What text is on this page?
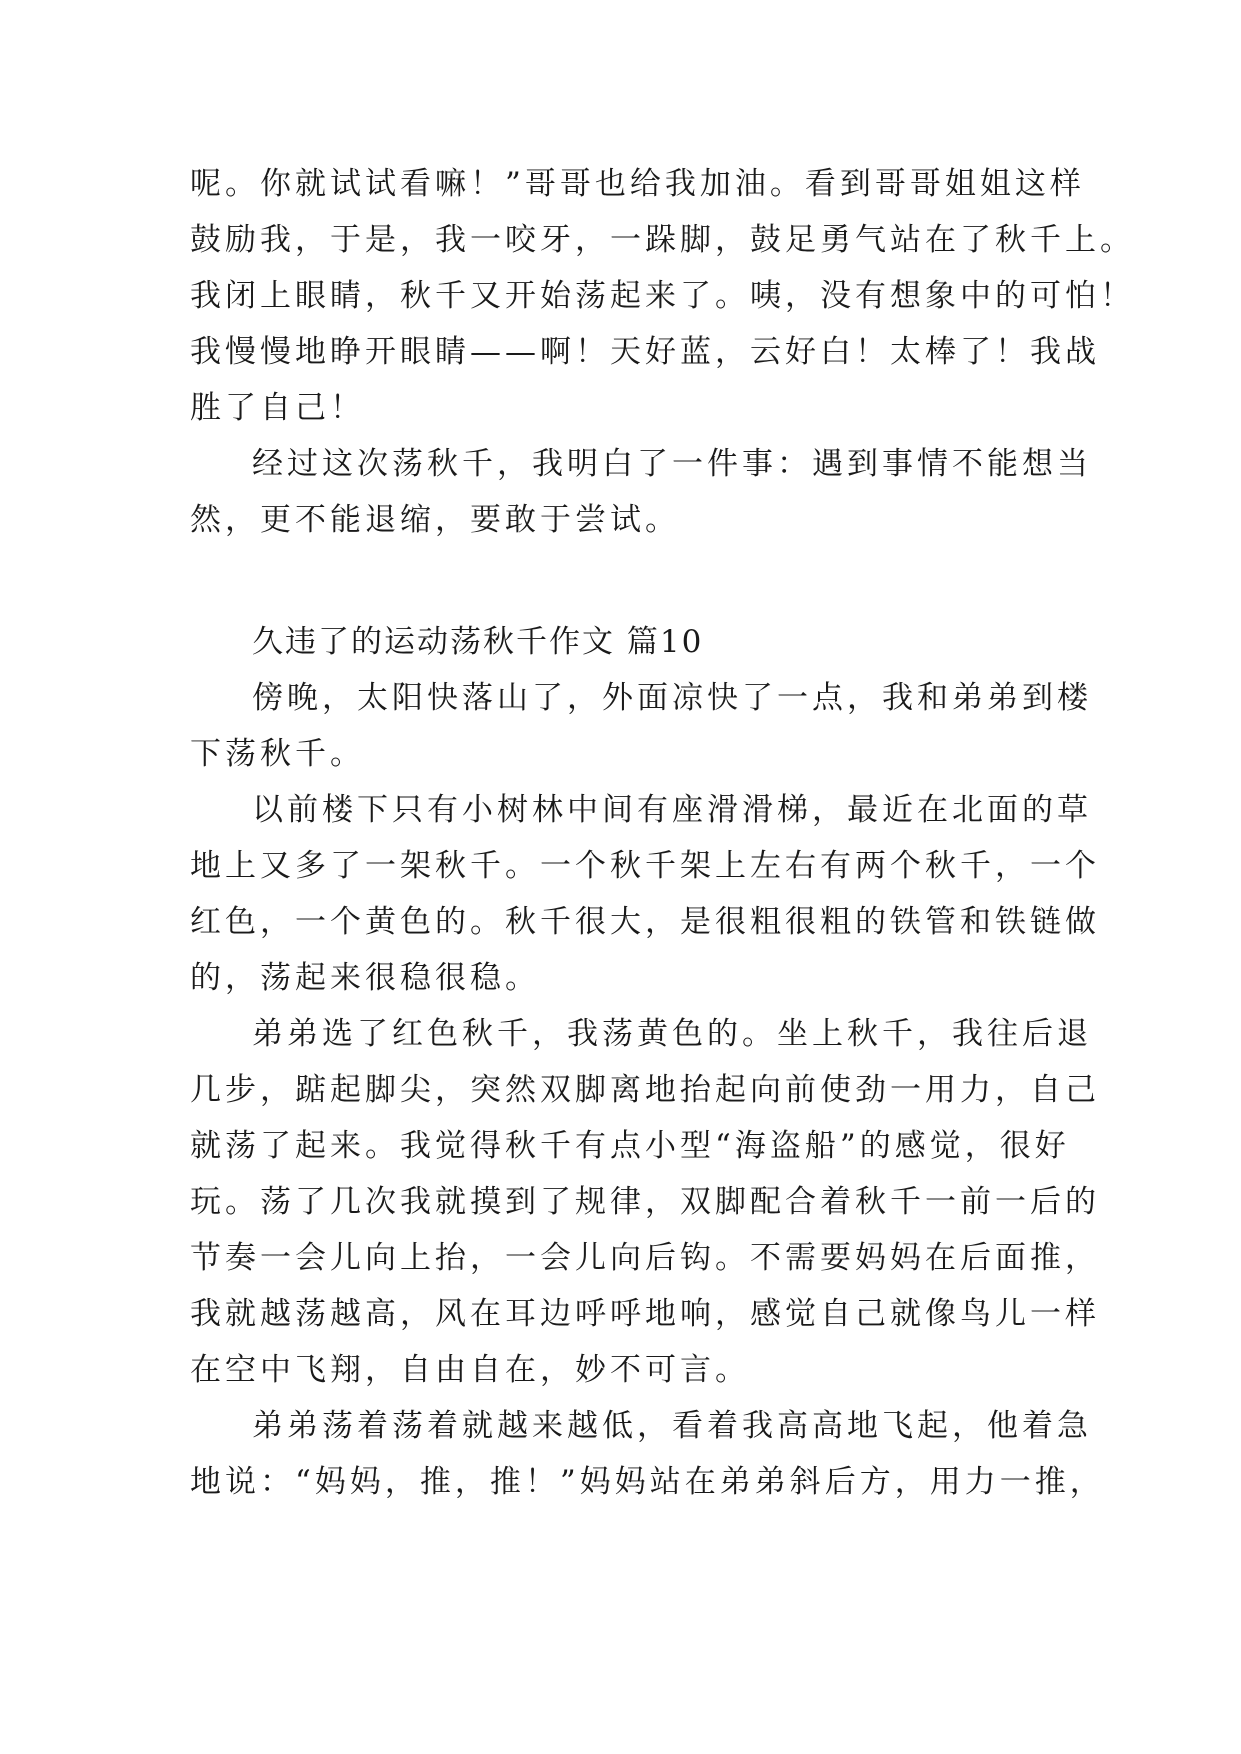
呢。你就试试看嘛！”哥哥也给我加油。看到哥哥姐姐这样
鼓励我，于是，我一咬牙，一跺脚，鼓足勇气站在了秋千上。
我闭上眼睛，秋千又开始荡起来了。咦，没有想象中的可怕！
我慢慢地睁开眼睛——啊！天好蓝，云好白！太棒了！我战
胜了自己！
经过这次荡秋千，我明白了一件事：遇到事情不能想当
然，更不能退缩，要敢于尝试。
久违了的运动荡秋千作文 篇10
傍晚，太阳快落山了，外面凉快了一点，我和弟弟到楼
下荡秋千。
以前楼下只有小树林中间有座滑滑梯，最近在北面的草
地上又多了一架秋千。一个秋千架上左右有两个秋千，一个
红色，一个黄色的。秋千很大，是很粗很粗的铁管和铁链做
的，荡起来很稳很稳。
弟弟选了红色秋千，我荡黄色的。坐上秋千，我往后退
几步，踮起脚尖，突然双脚离地抬起向前使劲一用力，自己
就荡了起来。我觉得秋千有点小型“海盗船”的感觉，很好
玩。荡了几次我就摸到了规律，双脚配合着秋千一前一后的
节奏一会儿向上抬，一会儿向后钩。不需要妈妈在后面推，
我就越荡越高，风在耳边呼呼地响，感觉自己就像鸟儿一样
在空中飞翔，自由自在，妙不可言。
弟弟荡着荡着就越来越低，看着我高高地飞起，他着急
地说：“妈妈，推，推！”妈妈站在弟弟斜后方，用力一推，
